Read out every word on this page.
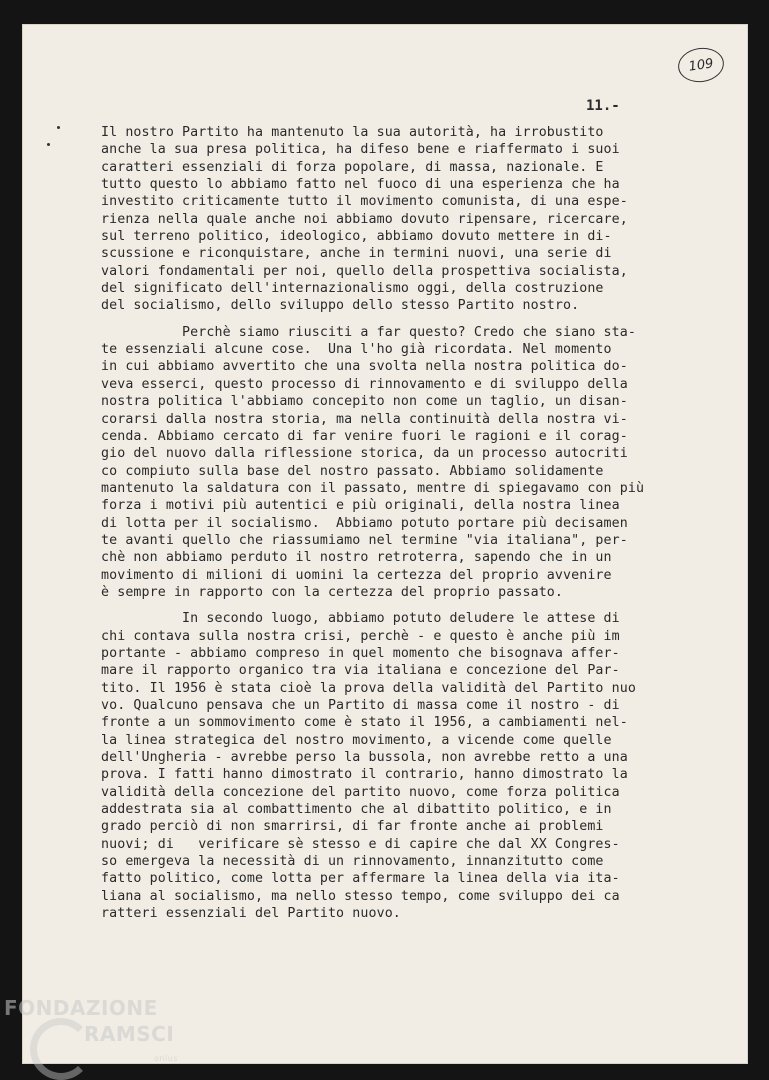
109
11.-
Il nostro Partito ha mantenuto la sua autorità, ha irrobustito
anche la sua presa politica, ha difeso bene e riaffermato i suoi
caratteri essenziali di forza popolare, di massa, nazionale. E
tutto questo lo abbiamo fatto nel fuoco di una esperienza che ha
investito criticamente tutto il movimento comunista, di una espe-
rienza nella quale anche noi abbiamo dovuto ripensare, ricercare,
sul terreno politico, ideologico, abbiamo dovuto mettere in di-
scussione e riconquistare, anche in termini nuovi, una serie di
valori fondamentali per noi, quello della prospettiva socialista,
del significato dell'internazionalismo oggi, della costruzione
del socialismo, dello sviluppo dello stesso Partito nostro.
Perchè siamo riusciti a far questo? Credo che siano sta-
te essenziali alcune cose.  Una l'ho già ricordata. Nel momento
in cui abbiamo avvertito che una svolta nella nostra politica do-
veva esserci, questo processo di rinnovamento e di sviluppo della
nostra politica l'abbiamo concepito non come un taglio, un disan-
corarsi dalla nostra storia, ma nella continuità della nostra vi-
cenda. Abbiamo cercato di far venire fuori le ragioni e il corag-
gio del nuovo dalla riflessione storica, da un processo autocriti
co compiuto sulla base del nostro passato. Abbiamo solidamente
mantenuto la saldatura con il passato, mentre di spiegavamo con più
forza i motivi più autentici e più originali, della nostra linea
di lotta per il socialismo.  Abbiamo potuto portare più decisamen
te avanti quello che riassumiamo nel termine "via italiana", per-
chè non abbiamo perduto il nostro retroterra, sapendo che in un
movimento di milioni di uomini la certezza del proprio avvenire
è sempre in rapporto con la certezza del proprio passato.
In secondo luogo, abbiamo potuto deludere le attese di
chi contava sulla nostra crisi, perchè - e questo è anche più im
portante - abbiamo compreso in quel momento che bisognava affer-
mare il rapporto organico tra via italiana e concezione del Par-
tito. Il 1956 è stata cioè la prova della validità del Partito nuo
vo. Qualcuno pensava che un Partito di massa come il nostro - di
fronte a un sommovimento come è stato il 1956, a cambiamenti nel-
la linea strategica del nostro movimento, a vicende come quelle
dell'Ungheria - avrebbe perso la bussola, non avrebbe retto a una
prova. I fatti hanno dimostrato il contrario, hanno dimostrato la
validità della concezione del partito nuovo, come forza politica
addestrata sia al combattimento che al dibattito politico, e in
grado perciò di non smarrirsi, di far fronte anche ai problemi
nuovi; di   verificare sè stesso e di capire che dal XX Congres-
so emergeva la necessità di un rinnovamento, innanzitutto come
fatto politico, come lotta per affermare la linea della via ita-
liana al socialismo, ma nello stesso tempo, come sviluppo dei ca
ratteri essenziali del Partito nuovo.
FONDAZIONE
RAMSCI
onlus
